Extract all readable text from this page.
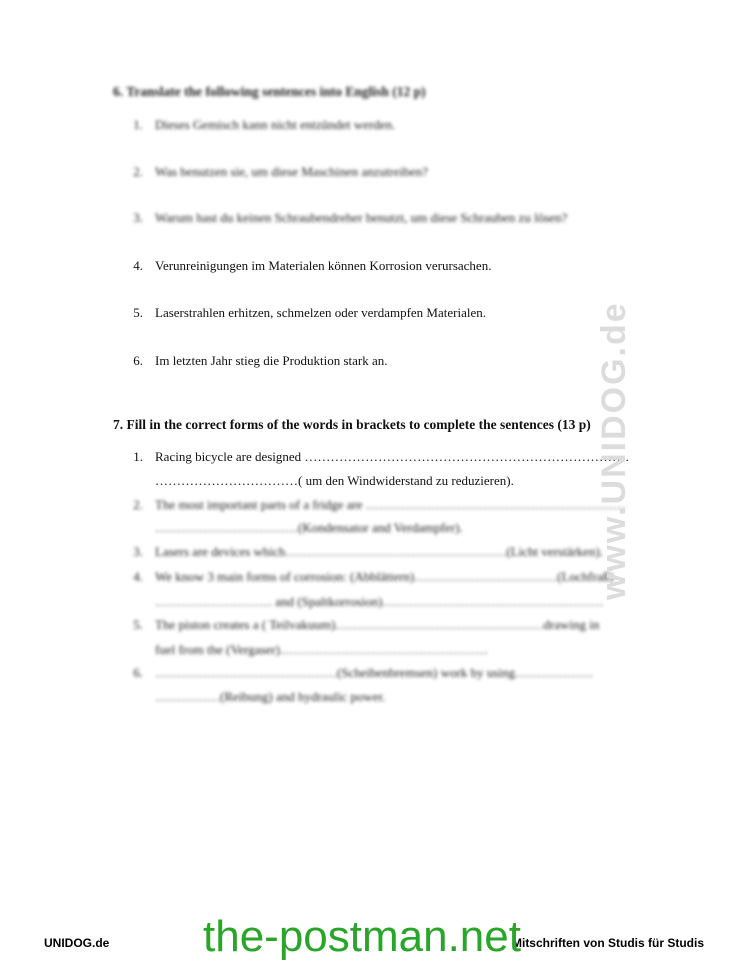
6. Translate the following sentences into English (12 p)
1. Dieses Gemisch kann nicht entzündet werden.
2. Was benutzen sie, um diese Maschinen anzutreiben?
3. Warum hast du keinen Schraubendreher benutzt, um diese Schrauben zu lösen?
4. Verunreinigungen im Materialen können Korrosion verursachen.
5. Laserstrahlen erhitzen, schmelzen oder verdampfen Materialen.
6. Im letzten Jahr stieg die Produktion stark an.
7. Fill in the correct forms of the words in brackets to complete the sentences (13 p)
1. Racing bicycle are designed …………………………………………………………………
……………………………( um den Windwiderstand zu reduzieren).
2. The most important parts of a fridge are ……………………………………………………
……………………………(Kondensator and Verdampfer).
3. Lasers are devices which……………………………………………(Licht verstärken).
4. We know 3 main forms of corrosion: (Abblättern)……………………………(Lochfraß)
……………………… and (Spaltkorrosion)……………………………………………
5. The piston creates a ( Teilvakuum)…………………………………………drawing in
fuel from the (Vergaser)…………………………………………
6. ……………………………………(Scheibenbremsen) work by using………………
……………(Reibung) and hydraulic power.
www.UNIDOG.de
UNIDOG.de	Mitschriften von Studis für Studis
the-postman.net
